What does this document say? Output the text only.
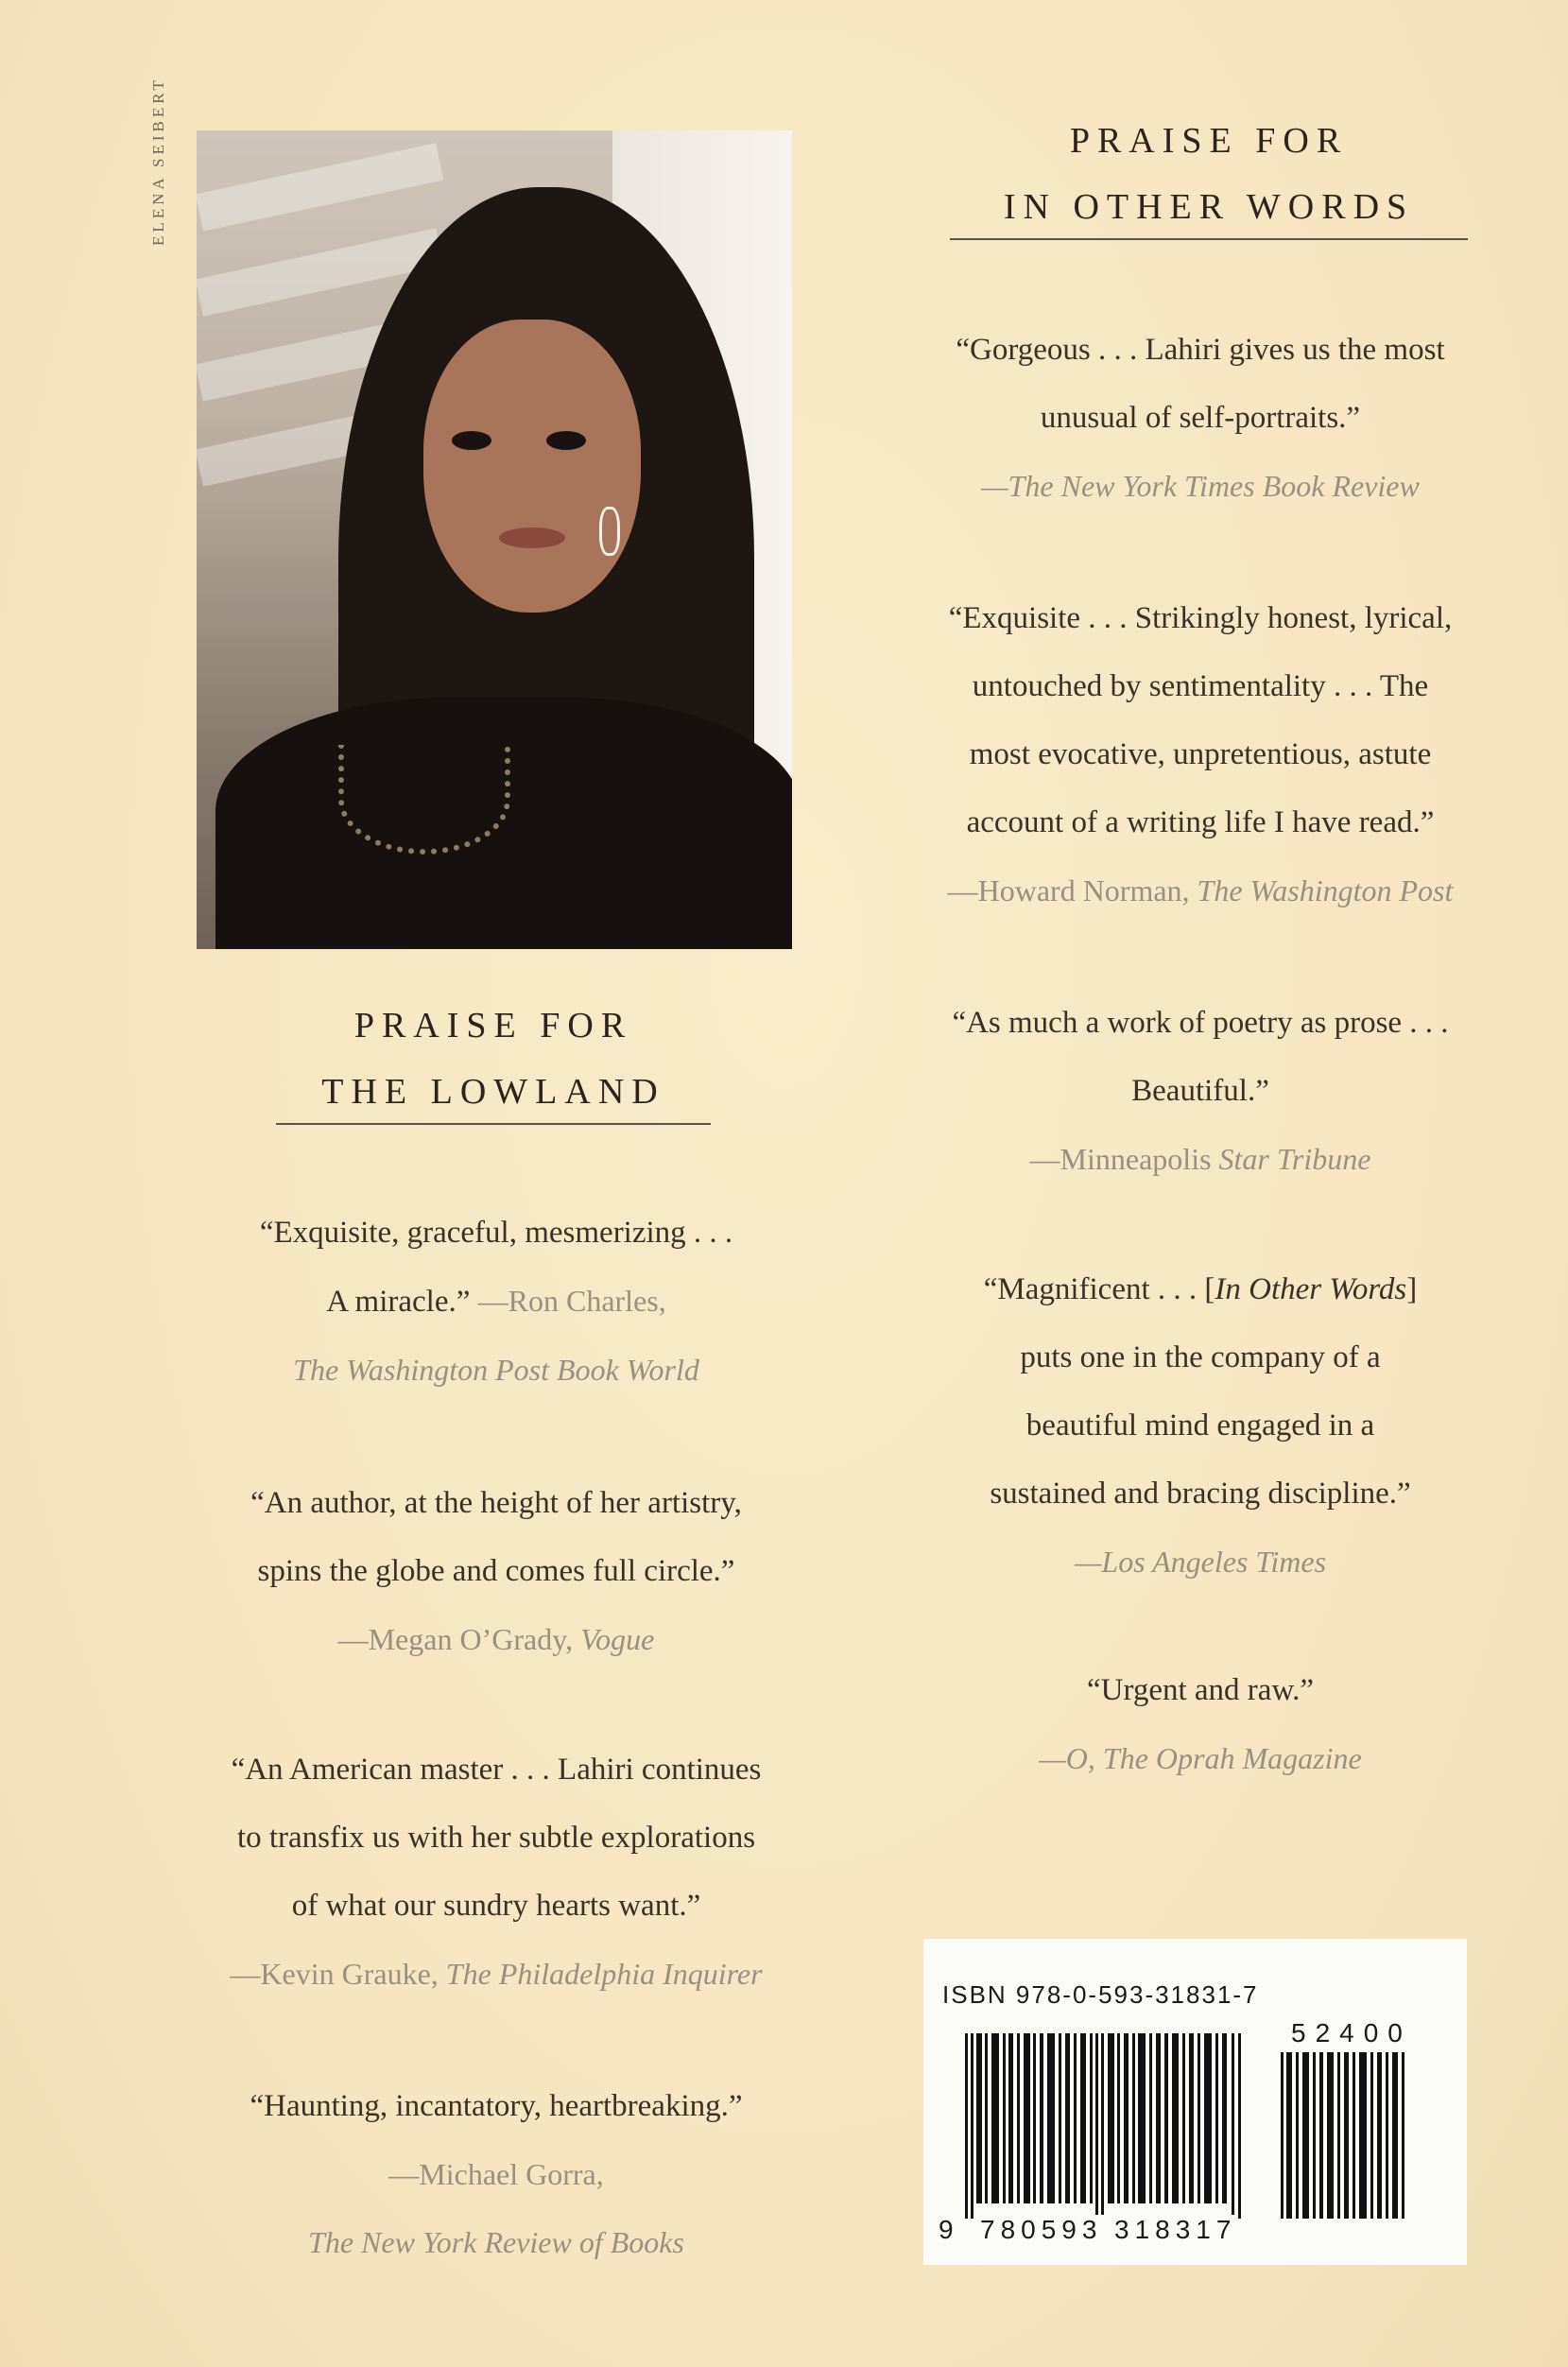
ELENA SEIBERT	PRAISE FOR
IN OTHER WORDS
“Gorgeous . . . Lahiri gives us the most
unusual of self-portraits.”
—The New York Times Book Review
“Exquisite . . . Strikingly honest, lyrical,
untouched by sentimentality . . . The
most evocative, unpretentious, astute
account of a writing life I have read.”
—Howard Norman, The Washington Post
“As much a work of poetry as prose . . .
Beautiful.”
—Minneapolis Star Tribune
“Magnificent . . . [In Other Words]
puts one in the company of a
beautiful mind engaged in a
sustained and bracing discipline.”
—Los Angeles Times
“Urgent and raw.”
—O, The Oprah Magazine
PRAISE FOR
THE LOWLAND
“Exquisite, graceful, mesmerizing . . .
A miracle.” —Ron Charles,
The Washington Post Book World
“An author, at the height of her artistry,
spins the globe and comes full circle.”
—Megan O’Grady, Vogue
“An American master . . . Lahiri continues
to transfix us with her subtle explorations
of what our sundry hearts want.”
—Kevin Grauke, The Philadelphia Inquirer
“Haunting, incantatory, heartbreaking.”
—Michael Gorra,
The New York Review of Books
ISBN 978-0-593-31831-7
52400
9 780593 318317
